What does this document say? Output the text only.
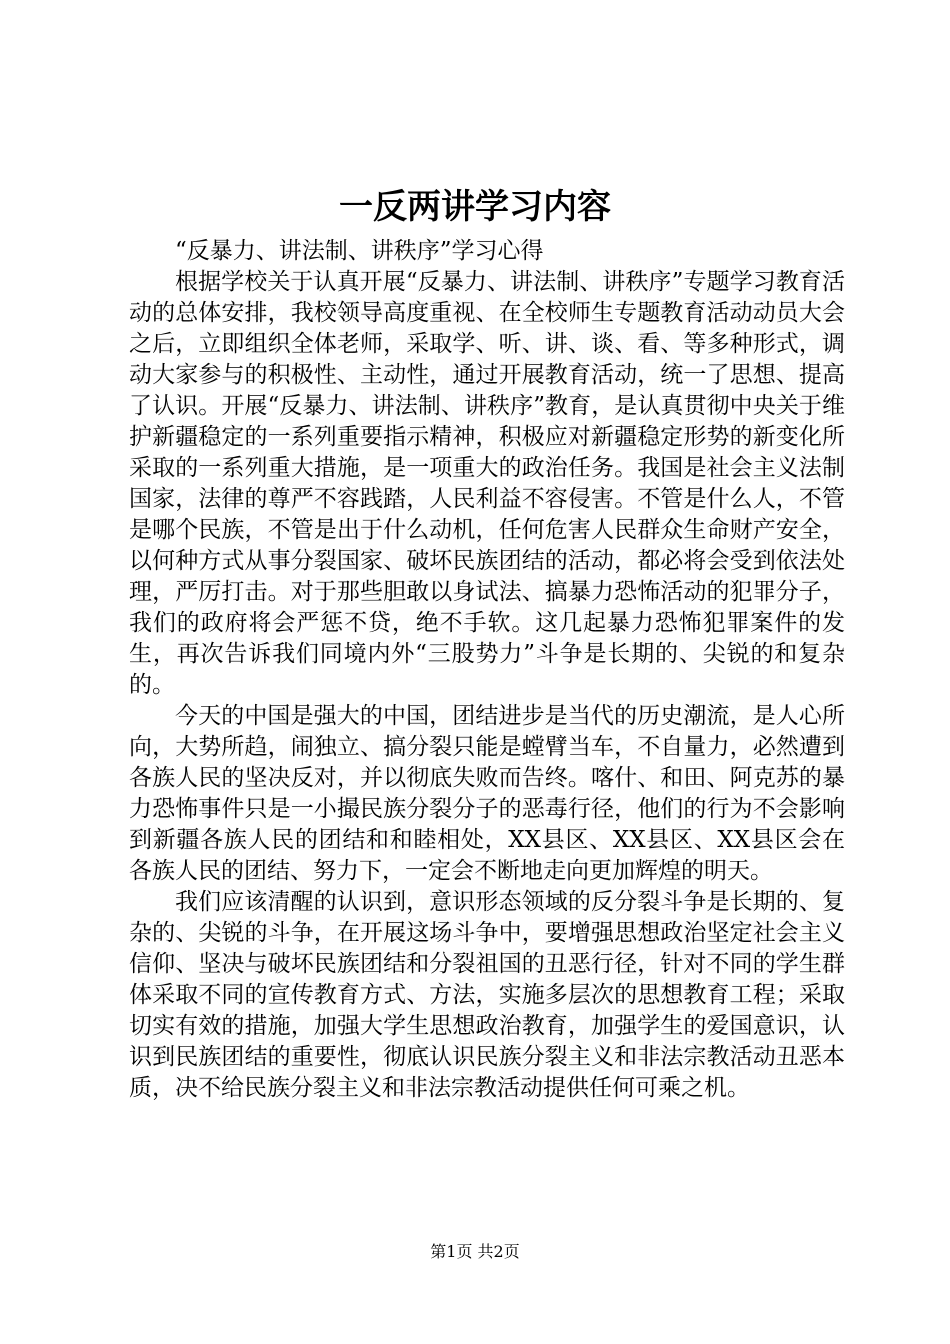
一反两讲学习内容

“反暴力、讲法制、讲秩序”学习心得

根据学校关于认真开展“反暴力、讲法制、讲秩序”专题学习教育活动的总体安排，我校领导高度重视、在全校师生专题教育活动动员大会之后，立即组织全体老师，采取学、听、讲、谈、看、等多种形式，调动大家参与的积极性、主动性，通过开展教育活动，统一了思想、提高了认识。开展“反暴力、讲法制、讲秩序”教育，是认真贯彻中央关于维护新疆稳定的一系列重要指示精神，积极应对新疆稳定形势的新变化所采取的一系列重大措施，是一项重大的政治任务。我国是社会主义法制国家，法律的尊严不容践踏，人民利益不容侵害。不管是什么人，不管是哪个民族，不管是出于什么动机，任何危害人民群众生命财产安全，以何种方式从事分裂国家、破坏民族团结的活动，都必将会受到依法处理，严厉打击。对于那些胆敢以身试法、搞暴力恐怖活动的犯罪分子，我们的政府将会严惩不贷，绝不手软。这几起暴力恐怖犯罪案件的发生，再次告诉我们同境内外“三股势力”斗争是长期的、尖锐的和复杂的。

今天的中国是强大的中国，团结进步是当代的历史潮流，是人心所向，大势所趋，闹独立、搞分裂只能是螳臂当车，不自量力，必然遭到各族人民的坚决反对，并以彻底失败而告终。喀什、和田、阿克苏的暴力恐怖事件只是一小撮民族分裂分子的恶毒行径，他们的行为不会影响到新疆各族人民的团结和和睦相处，XX县区、XX县区、XX县区会在各族人民的团结、努力下，一定会不断地走向更加辉煌的明天。

我们应该清醒的认识到，意识形态领域的反分裂斗争是长期的、复杂的、尖锐的斗争，在开展这场斗争中，要增强思想政治坚定社会主义信仰、坚决与破坏民族团结和分裂祖国的丑恶行径，针对不同的学生群体采取不同的宣传教育方式、方法，实施多层次的思想教育工程；采取切实有效的措施，加强大学生思想政治教育，加强学生的爱国意识，认识到民族团结的重要性，彻底认识民族分裂主义和非法宗教活动丑恶本质，决不给民族分裂主义和非法宗教活动提供任何可乘之机。

第1页 共2页
